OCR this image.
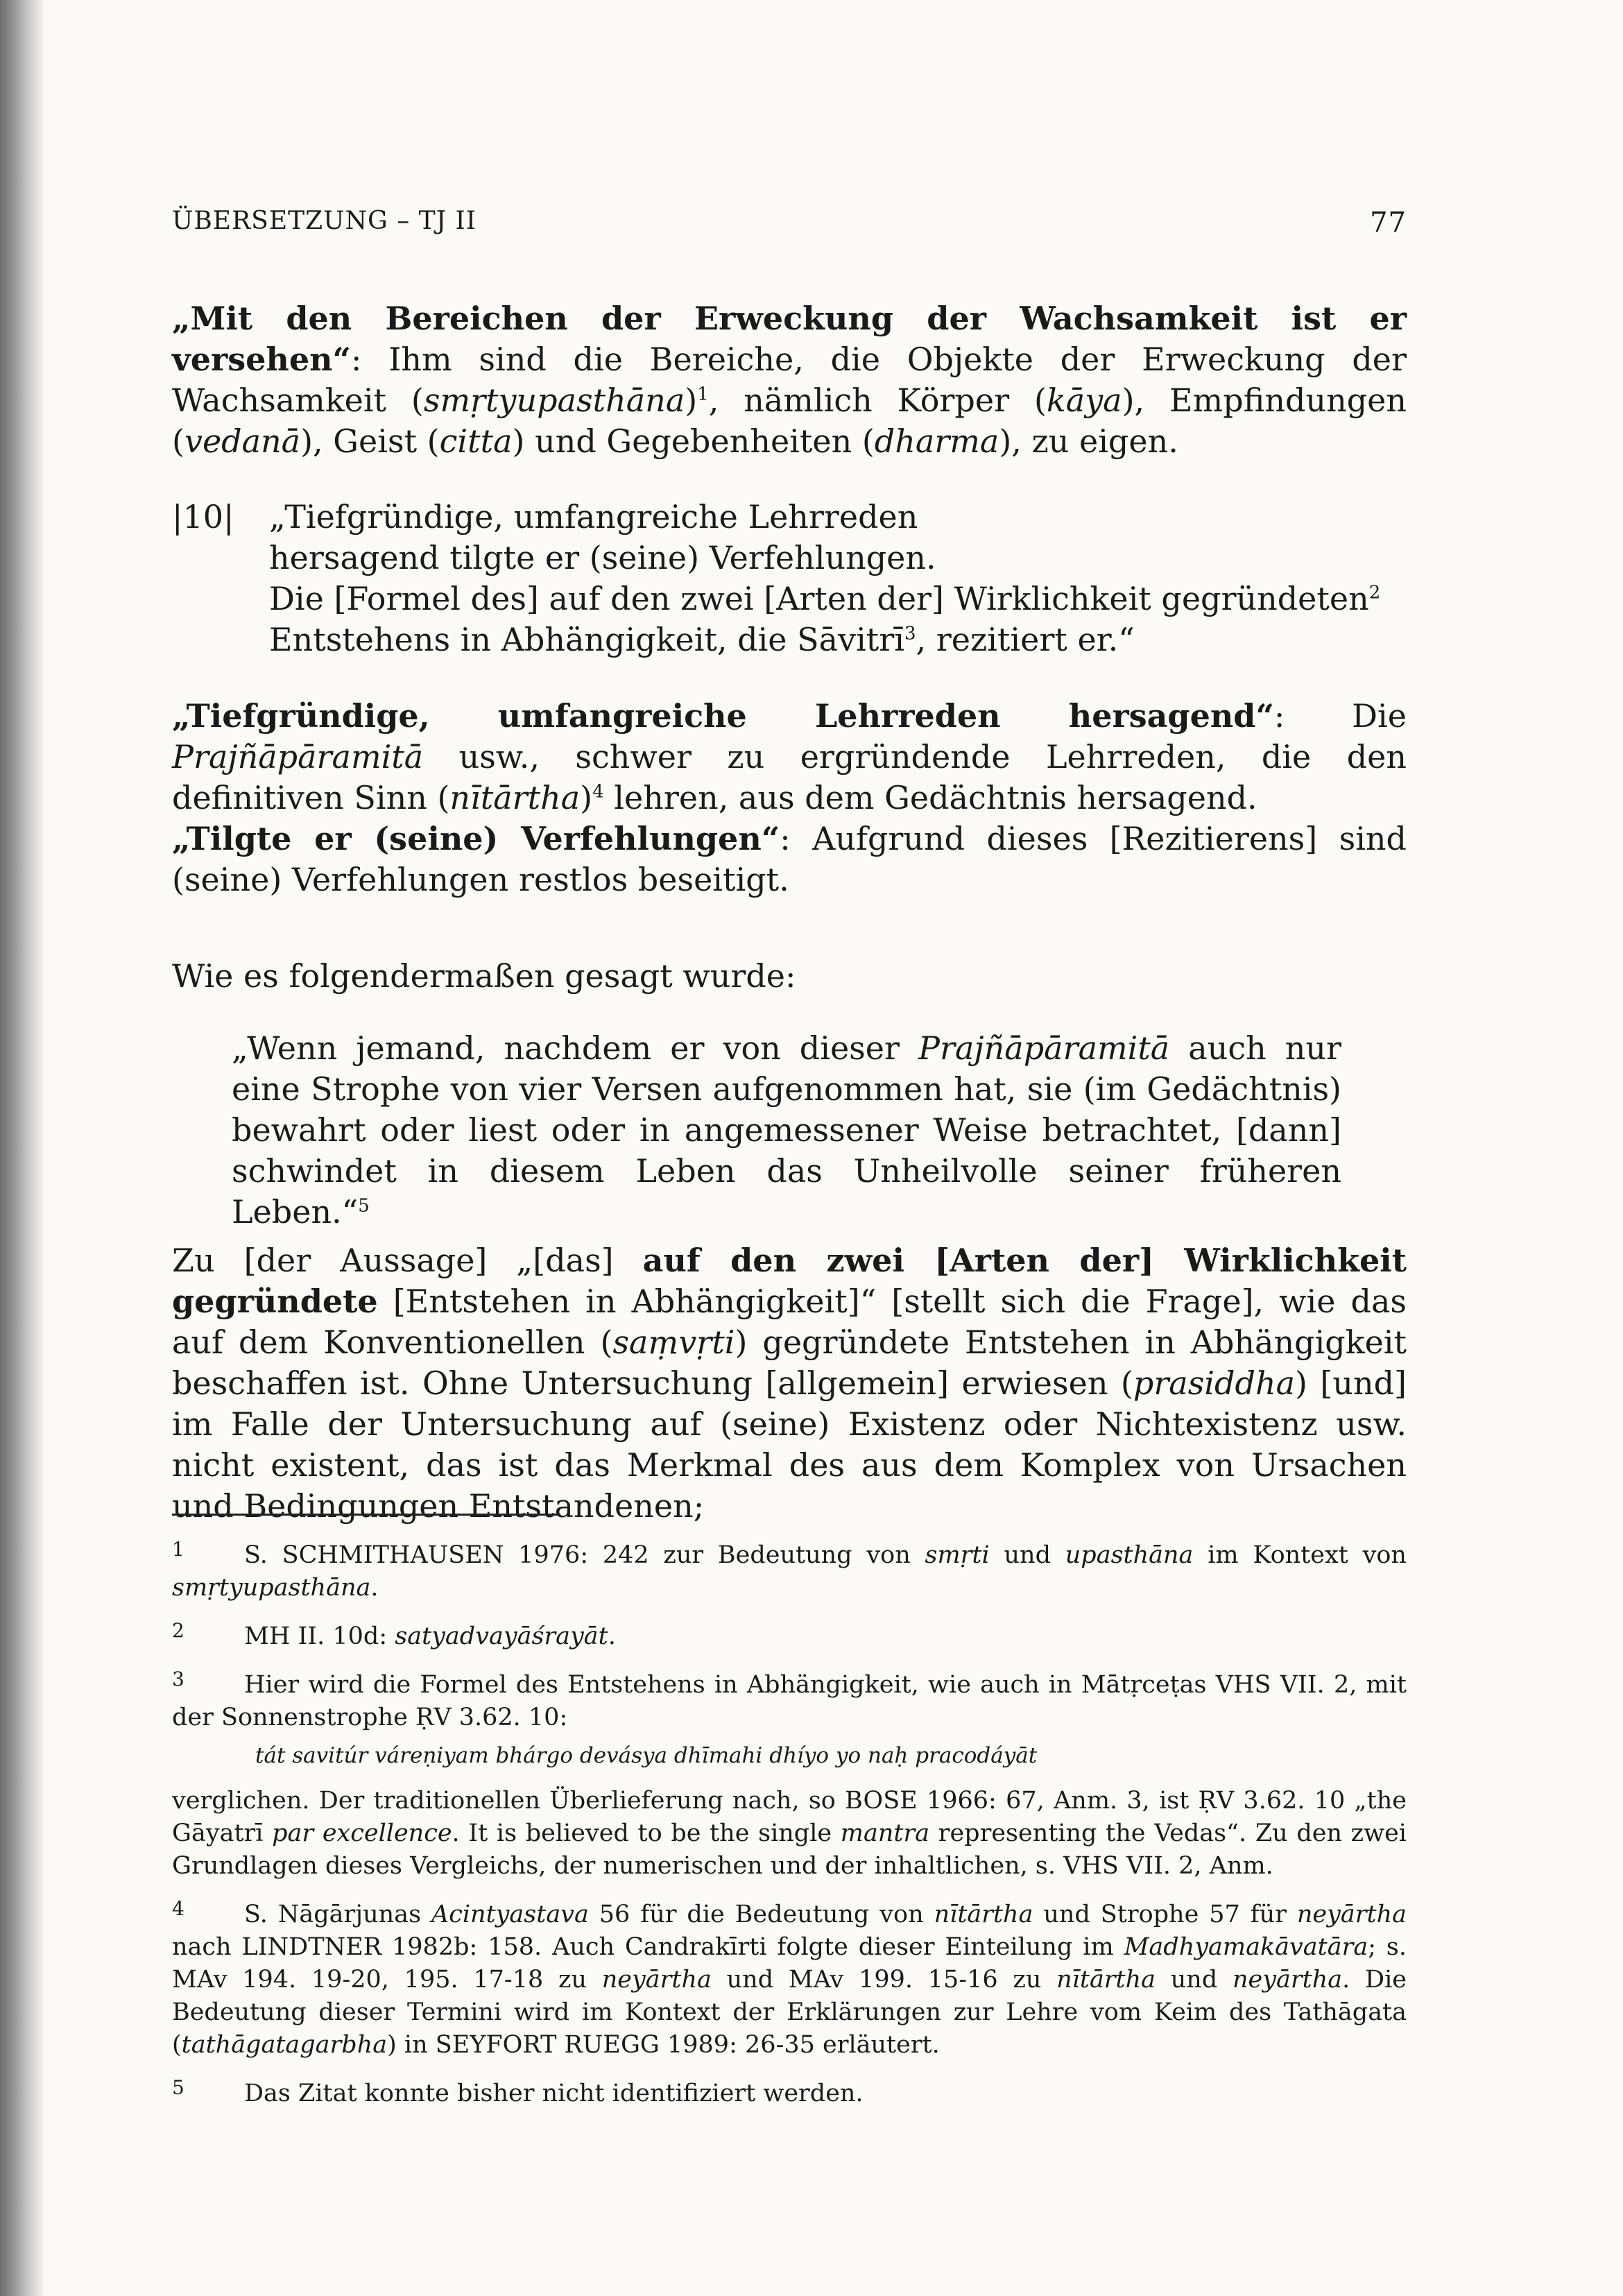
ÜBERSETZUNG – TJ II	77
„Mit den Bereichen der Erweckung der Wachsamkeit ist er versehen“: Ihm sind die Bereiche, die Objekte der Erweckung der Wachsamkeit (smṛtyupasthāna)$^1$, nämlich Körper (kāya), Empfindungen (vedanā), Geist (citta) und Gegebenheiten (dharma), zu eigen.
|10| „Tiefgründige, umfangreiche Lehrreden
hersagend tilgte er (seine) Verfehlungen.
Die [Formel des] auf den zwei [Arten der] Wirklichkeit gegründeten$^2$
Entstehens in Abhängigkeit, die Sāvitrī$^3$, rezitiert er.“
„Tiefgründige, umfangreiche Lehrreden hersagend“: Die Prajñāpāramitā usw., schwer zu ergründende Lehrreden, die den definitiven Sinn (nītārtha)$^4$ lehren, aus dem Gedächtnis hersagend.
„Tilgte er (seine) Verfehlungen“: Aufgrund dieses [Rezitierens] sind (seine) Verfehlungen restlos beseitigt.
Wie es folgendermaßen gesagt wurde:
„Wenn jemand, nachdem er von dieser Prajñāpāramitā auch nur eine Strophe von vier Versen aufgenommen hat, sie (im Gedächtnis) bewahrt oder liest oder in angemessener Weise betrachtet, [dann] schwindet in diesem Leben das Unheilvolle seiner früheren Leben.“$^5$
Zu [der Aussage] „[das] auf den zwei [Arten der] Wirklichkeit gegründete [Entstehen in Abhängigkeit]“ [stellt sich die Frage], wie das auf dem Konventionellen (saṃvṛti) gegründete Entstehen in Abhängigkeit beschaffen ist. Ohne Untersuchung [allgemein] erwiesen (prasiddha) [und] im Falle der Untersuchung auf (seine) Existenz oder Nichtexistenz usw. nicht existent, das ist das Merkmal des aus dem Komplex von Ursachen und Bedingungen Entstandenen;
1 S. SCHMITHAUSEN 1976: 242 zur Bedeutung von smṛti und upasthāna im Kontext von smṛtyupasthāna.
2 MH II. 10d: satyadvayāśrayāt.
3 Hier wird die Formel des Entstehens in Abhängigkeit, wie auch in Mātṛceṭas VHS VII. 2, mit der Sonnenstrophe ṚV 3.62. 10:
tát savitúr váreṇiyam bhárgo devásya dhīmahi dhíyo yo naḥ pracodáyāt
verglichen. Der traditionellen Überlieferung nach, so BOSE 1966: 67, Anm. 3, ist ṚV 3.62. 10 „the Gāyatrī par excellence. It is believed to be the single mantra representing the Vedas“. Zu den zwei Grundlagen dieses Vergleichs, der numerischen und der inhaltlichen, s. VHS VII. 2, Anm.
4 S. Nāgārjunas Acintyastava 56 für die Bedeutung von nītārtha und Strophe 57 für neyārtha nach LINDTNER 1982b: 158. Auch Candrakīrti folgte dieser Einteilung im Madhyamakāvatāra; s. MAv 194. 19-20, 195. 17-18 zu neyārtha und MAv 199. 15-16 zu nītārtha und neyārtha. Die Bedeutung dieser Termini wird im Kontext der Erklärungen zur Lehre vom Keim des Tathāgata (tathāgatagarbha) in SEYFORT RUEGG 1989: 26-35 erläutert.
5 Das Zitat konnte bisher nicht identifiziert werden.
